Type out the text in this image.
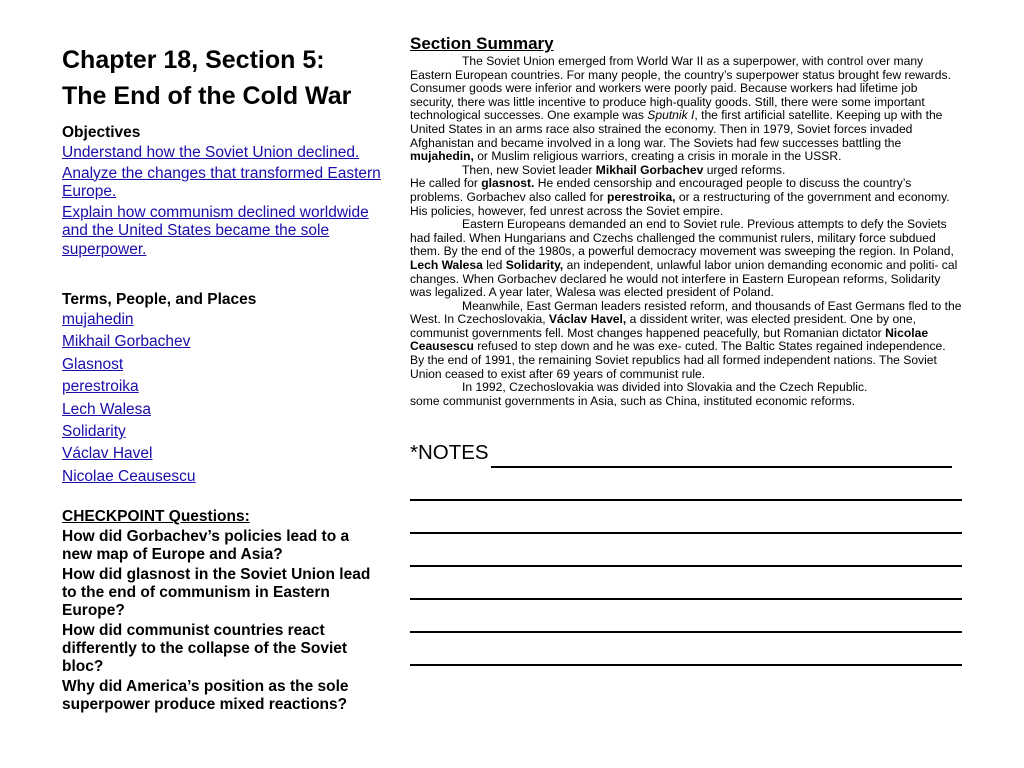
Chapter 18, Section 5:
The End of the Cold War
Objectives
Understand how the Soviet Union declined.
Analyze the changes that transformed Eastern Europe.
Explain how communism declined worldwide and the United States became the sole superpower.
Terms, People, and Places
mujahedin
Mikhail Gorbachev
Glasnost
perestroika
Lech Walesa
Solidarity
Václav Havel
Nicolae Ceausescu
CHECKPOINT Questions:
How did Gorbachev’s policies lead to a new map of Europe and Asia?
How did glasnost in the Soviet Union lead to the end of communism in Eastern Europe?
How did communist countries react differently to the collapse of the Soviet bloc?
Why did America’s position as the sole superpower produce mixed reactions?
Section Summary

The Soviet Union emerged from World War II as a superpower, with control over many Eastern European countries. For many people, the country’s superpower status brought few rewards. Consumer goods were inferior and workers were poorly paid. Because workers had lifetime job security, there was little incentive to produce high-quality goods. Still, there were some important technological successes. One example was Sputnik I, the first artificial satellite. Keeping up with the United States in an arms race also strained the economy. Then in 1979, Soviet forces invaded Afghanistan and became involved in a long war. The Soviets had few successes battling the mujahedin, or Muslim religious warriors, creating a crisis in morale in the USSR.

Then, new Soviet leader Mikhail Gorbachev urged reforms.
He called for glasnost. He ended censorship and encouraged people to discuss the country’s problems. Gorbachev also called for perestroika, or a restructuring of the government and economy. His policies, however, fed unrest across the Soviet empire.

Eastern Europeans demanded an end to Soviet rule. Previous attempts to defy the Soviets had failed. When Hungarians and Czechs challenged the communist rulers, military force subdued them. By the end of the 1980s, a powerful democracy movement was sweeping the region. In Poland, Lech Walesa led Solidarity, an independent, unlawful labor union demanding economic and politi- cal changes. When Gorbachev declared he would not interfere in Eastern European reforms, Solidarity was legalized. A year later, Walesa was elected president of Poland.

Meanwhile, East German leaders resisted reform, and thousands of East Germans fled to the West. In Czechoslovakia, Václav Havel, a dissident writer, was elected president. One by one, communist governments fell. Most changes happened peacefully, but Romanian dictator Nicolae Ceausescu refused to step down and he was exe- cuted. The Baltic States regained independence. By the end of 1991, the remaining Soviet republics had all formed independent nations. The Soviet Union ceased to exist after 69 years of communist rule.

In 1992, Czechoslovakia was divided into Slovakia and the Czech Republic.
some communist governments in Asia, such as China, instituted economic reforms.

*NOTES
